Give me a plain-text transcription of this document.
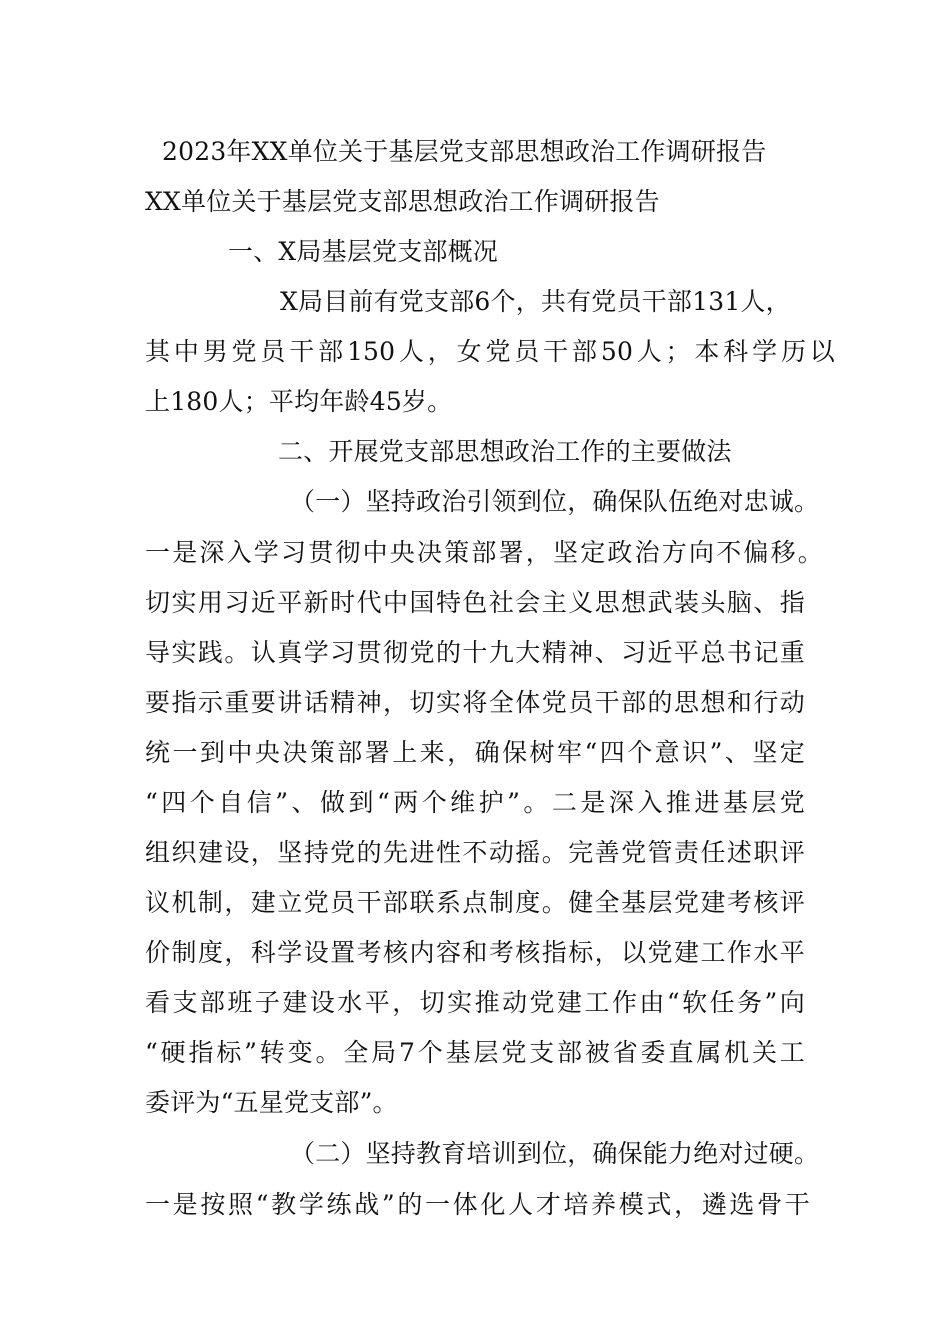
2023年XX单位关于基层党支部思想政治工作调研报告
XX单位关于基层党支部思想政治工作调研报告
一、X局基层党支部概况
X局目前有党支部6个，共有党员干部131人，
其中男党员干部150人，女党员干部50人；本科学历以
上180人；平均年龄45岁。
二、开展党支部思想政治工作的主要做法
（一）坚持政治引领到位，确保队伍绝对忠诚。
一是深入学习贯彻中央决策部署，坚定政治方向不偏移。
切实用习近平新时代中国特色社会主义思想武装头脑、指
导实践。认真学习贯彻党的十九大精神、习近平总书记重
要指示重要讲话精神，切实将全体党员干部的思想和行动
统一到中央决策部署上来，确保树牢“四个意识”、坚定
“四个自信”、做到“两个维护”。二是深入推进基层党
组织建设，坚持党的先进性不动摇。完善党管责任述职评
议机制，建立党员干部联系点制度。健全基层党建考核评
价制度，科学设置考核内容和考核指标，以党建工作水平
看支部班子建设水平，切实推动党建工作由“软任务”向
“硬指标”转变。全局7个基层党支部被省委直属机关工
委评为“五星党支部”。
（二）坚持教育培训到位，确保能力绝对过硬。
一是按照“教学练战”的一体化人才培养模式，遴选骨干
